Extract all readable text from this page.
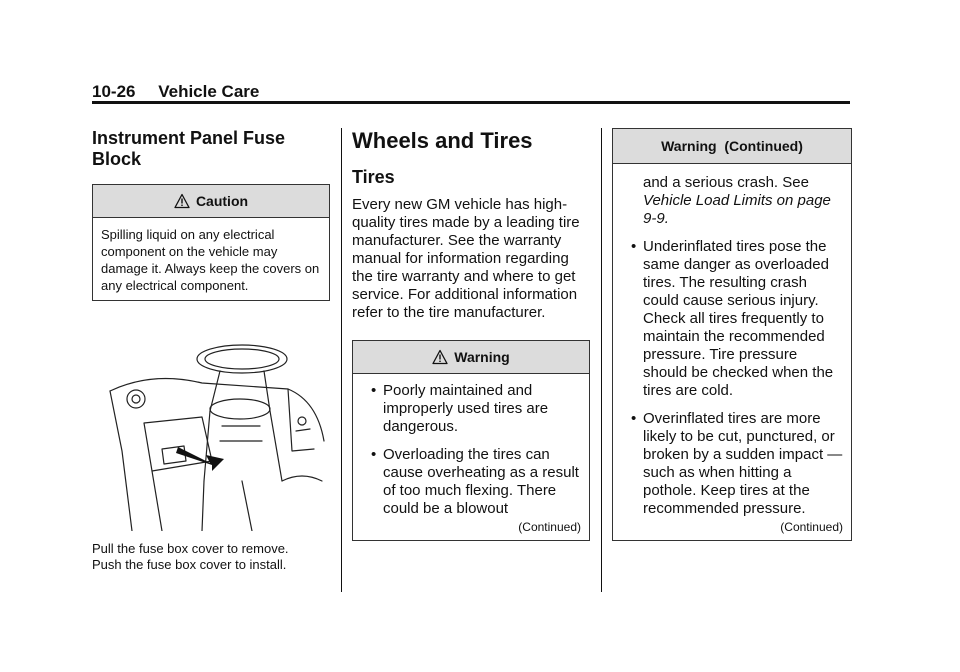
10-26 Vehicle Care
Instrument Panel Fuse Block
Caution
Spilling liquid on any electrical component on the vehicle may damage it. Always keep the covers on any electrical component.

Pull the fuse box cover to remove.

Push the fuse box cover to install.

Wheels and Tires
Tires

Every new GM vehicle has high-quality tires made by a leading tire manufacturer. See the warranty manual for information regarding the tire warranty and where to get service. For additional information refer to the tire manufacturer.

Warning
• Poorly maintained and improperly used tires are dangerous.
• Overloading the tires can cause overheating as a result of too much flexing. There could be a blowout
(Continued)
Warning  (Continued)

and a serious crash. See Vehicle Load Limits on page 9-9.

• Underinflated tires pose the same danger as overloaded tires. The resulting crash could cause serious injury. Check all tires frequently to maintain the recommended pressure. Tire pressure should be checked when the tires are cold.
• Overinflated tires are more likely to be cut, punctured, or broken by a sudden impact — such as when hitting a pothole. Keep tires at the recommended pressure.
(Continued)
